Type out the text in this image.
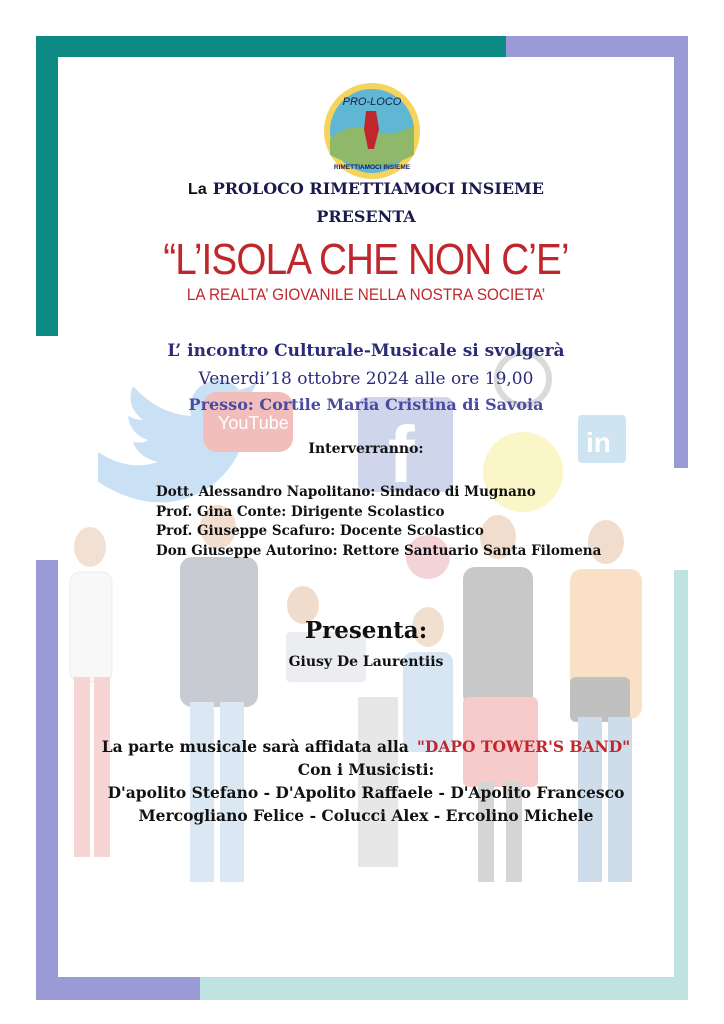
YouTube f	in
PRO-LOCO
RIMETTIAMOCI INSIEME
La PROLOCO RIMETTIAMOCI INSIEME
PRESENTA
“L’ISOLA CHE NON C’E’
LA REALTA’ GIOVANILE NELLA NOSTRA SOCIETA’
L’ incontro Culturale-Musicale si svolgerà
Venerdi’18 ottobre 2024 alle ore 19,00
Presso: Cortile Maria Cristina di Savoia
Interverranno:
Dott. Alessandro Napolitano: Sindaco di Mugnano
Prof. Gina Conte: Dirigente Scolastico
Prof. Giuseppe Scafuro: Docente Scolastico
Don Giuseppe Autorino: Rettore Santuario Santa Filomena
Presenta:
Giusy De Laurentiis
La parte musicale sarà affidata alla "DAPO TOWER'S BAND"
Con i Musicisti:
D'apolito Stefano - D'Apolito Raffaele - D'Apolito Francesco
Mercogliano Felice - Colucci Alex - Ercolino Michele
